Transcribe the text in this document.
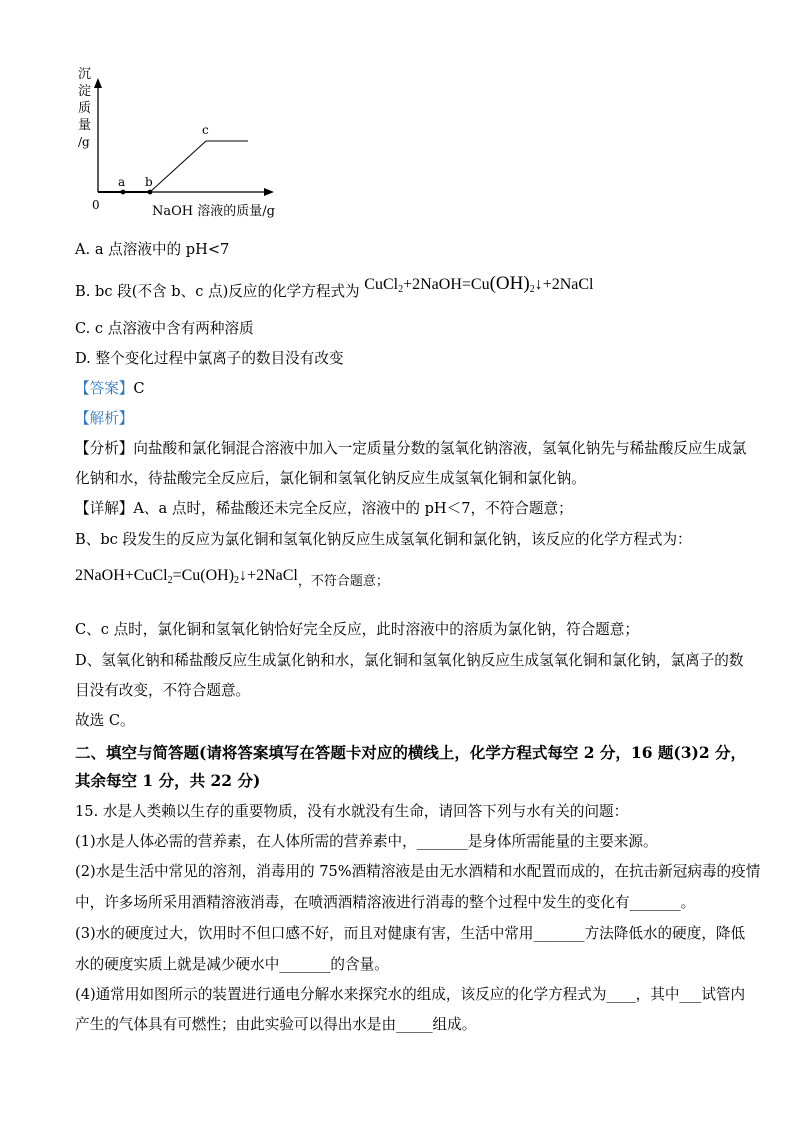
沉
淀
质
量
/g
a b
c
0	NaOH 溶液的质量/g
A. a 点溶液中的 pH<7
B. bc 段(不含 b、c 点)反应的化学方程式为 $CuCl_2+2NaOH=Cu(OH)_2↓+2NaCl$
C. c 点溶液中含有两种溶质
D. 整个变化过程中氯离子的数目没有改变
【答案】C
【解析】
【分析】向盐酸和氯化铜混合溶液中加入一定质量分数的氢氧化钠溶液，氢氧化钠先与稀盐酸反应生成氯
化钠和水，待盐酸完全反应后，氯化铜和氢氧化钠反应生成氢氧化铜和氯化钠。
【详解】A、a 点时，稀盐酸还未完全反应，溶液中的 pH＜7，不符合题意；
B、bc 段发生的反应为氯化铜和氢氧化钠反应生成氢氧化铜和氯化钠，该反应的化学方程式为：
$2NaOH+CuCl_2=Cu(OH)_2↓+2NaCl$，不符合题意；
C、c 点时，氯化铜和氢氧化钠恰好完全反应，此时溶液中的溶质为氯化钠，符合题意；
D、氢氧化钠和稀盐酸反应生成氯化钠和水，氯化铜和氢氧化钠反应生成氢氧化铜和氯化钠，氯离子的数
目没有改变，不符合题意。
故选 C。
二、填空与简答题(请将答案填写在答题卡对应的横线上，化学方程式每空 2 分，16 题(3)2 分，
其余每空 1 分，共 22 分)
15. 水是人类赖以生存的重要物质，没有水就没有生命，请回答下列与水有关的问题：
(1)水是人体必需的营养素，在人体所需的营养素中，_______是身体所需能量的主要来源。
(2)水是生活中常见的溶剂，消毒用的 75%酒精溶液是由无水酒精和水配置而成的，在抗击新冠病毒的疫情
中，许多场所采用酒精溶液消毒，在喷洒酒精溶液进行消毒的整个过程中发生的变化有_______。
(3)水的硬度过大，饮用时不但口感不好，而且对健康有害，生活中常用_______方法降低水的硬度，降低
水的硬度实质上就是减少硬水中_______的含量。
(4)通常用如图所示的装置进行通电分解水来探究水的组成，该反应的化学方程式为____，其中___试管内
产生的气体具有可燃性；由此实验可以得出水是由_____组成。
